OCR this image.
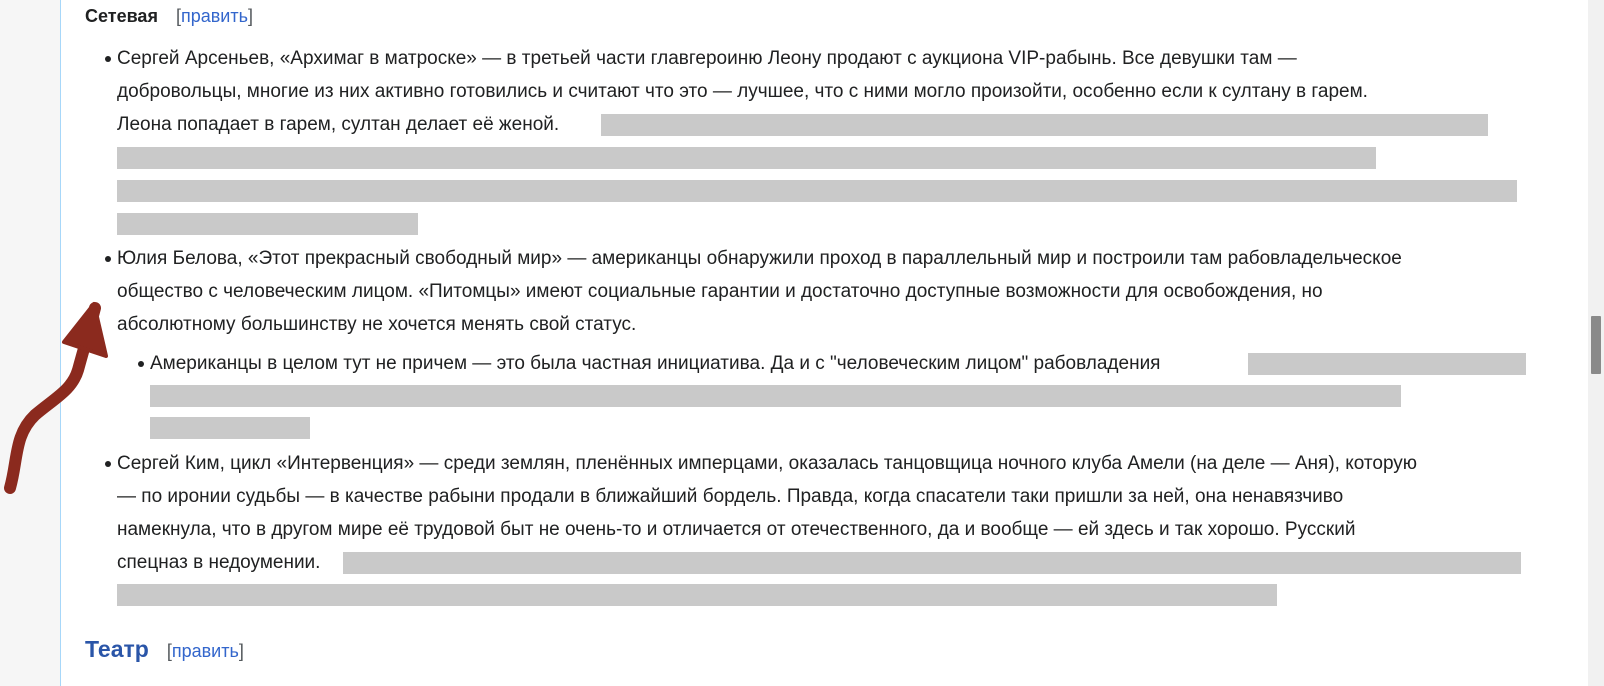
Сетевая [править]
Сергей Арсеньев, «Архимаг в матроске» — в третьей части главгероиню Леону продают с аукциона VIP-рабынь. Все девушки там —
добровольцы, многие из них активно готовились и считают что это — лучшее, что с ними могло произойти, особенно если к султану в гарем.
Леона попадает в гарем, султан делает её женой.
Юлия Белова, «Этот прекрасный свободный мир» — американцы обнаружили проход в параллельный мир и построили там рабовладельческое
общество с человеческим лицом. «Питомцы» имеют социальные гарантии и достаточно доступные возможности для освобождения, но
абсолютному большинству не хочется менять свой статус.
Американцы в целом тут не причем — это была частная инициатива. Да и с "человеческим лицом" рабовладения
Сергей Ким, цикл «Интервенция» — среди землян, пленённых имперцами, оказалась танцовщица ночного клуба Амели (на деле — Аня), которую
— по иронии судьбы — в качестве рабыни продали в ближайший бордель. Правда, когда спасатели таки пришли за ней, она ненавязчиво
намекнула, что в другом мире её трудовой быт не очень-то и отличается от отечественного, да и вообще — ей здесь и так хорошо. Русский
спецназ в недоумении.
Театр [править]
